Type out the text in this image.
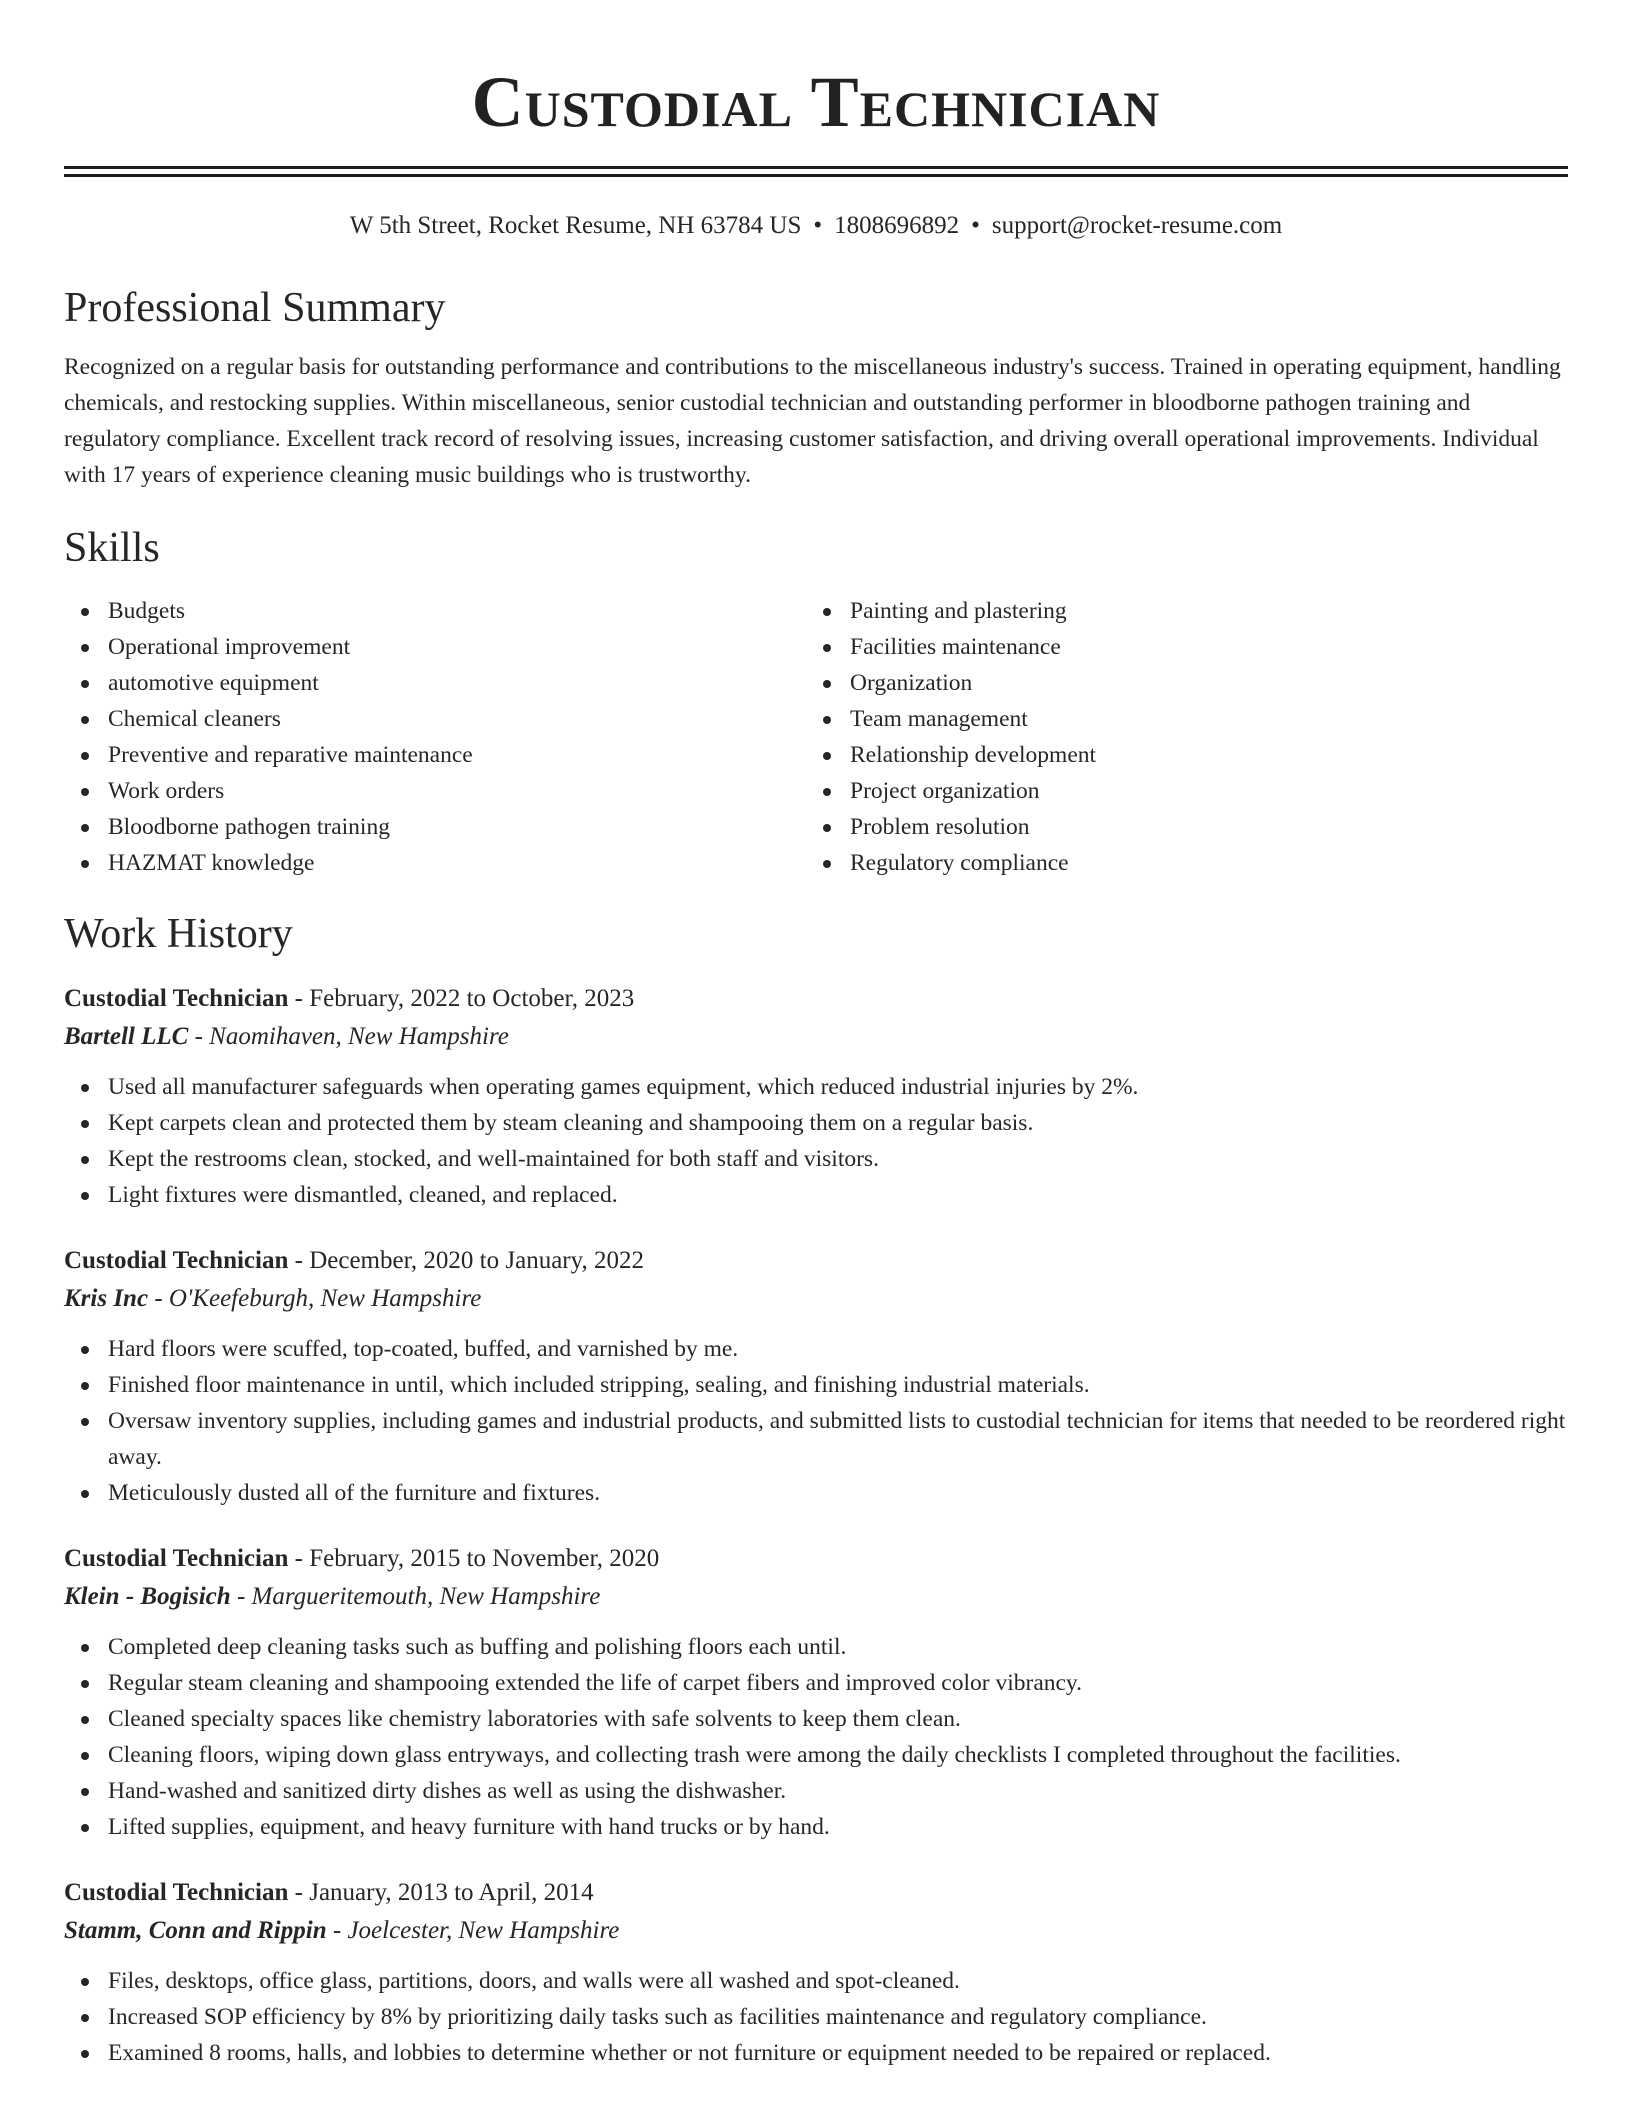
Custodial Technician
W 5th Street, Rocket Resume, NH 63784 US • 1808696892 • support@rocket-resume.com
Professional Summary

Recognized on a regular basis for outstanding performance and contributions to the miscellaneous industry's success. Trained in operating equipment, handling chemicals, and restocking supplies. Within miscellaneous, senior custodial technician and outstanding performer in bloodborne pathogen training and regulatory compliance. Excellent track record of resolving issues, increasing customer satisfaction, and driving overall operational improvements. Individual with 17 years of experience cleaning music buildings who is trustworthy.

Skills
Budgets
Operational improvement
automotive equipment
Chemical cleaners
Preventive and reparative maintenance
Work orders
Bloodborne pathogen training
HAZMAT knowledge
Painting and plastering
Facilities maintenance
Organization
Team management
Relationship development
Project organization
Problem resolution
Regulatory compliance
Work History
Custodial Technician - February, 2022 to October, 2023
Bartell LLC - Naomihaven, New Hampshire
Used all manufacturer safeguards when operating games equipment, which reduced industrial injuries by 2%.
Kept carpets clean and protected them by steam cleaning and shampooing them on a regular basis.
Kept the restrooms clean, stocked, and well-maintained for both staff and visitors.
Light fixtures were dismantled, cleaned, and replaced.
Custodial Technician - December, 2020 to January, 2022
Kris Inc - O'Keefeburgh, New Hampshire
Hard floors were scuffed, top-coated, buffed, and varnished by me.
Finished floor maintenance in until, which included stripping, sealing, and finishing industrial materials.
Oversaw inventory supplies, including games and industrial products, and submitted lists to custodial technician for items that needed to be reordered right away.
Meticulously dusted all of the furniture and fixtures.
Custodial Technician - February, 2015 to November, 2020
Klein - Bogisich - Margueritemouth, New Hampshire
Completed deep cleaning tasks such as buffing and polishing floors each until.
Regular steam cleaning and shampooing extended the life of carpet fibers and improved color vibrancy.
Cleaned specialty spaces like chemistry laboratories with safe solvents to keep them clean.
Cleaning floors, wiping down glass entryways, and collecting trash were among the daily checklists I completed throughout the facilities.
Hand-washed and sanitized dirty dishes as well as using the dishwasher.
Lifted supplies, equipment, and heavy furniture with hand trucks or by hand.
Custodial Technician - January, 2013 to April, 2014
Stamm, Conn and Rippin - Joelcester, New Hampshire
Files, desktops, office glass, partitions, doors, and walls were all washed and spot-cleaned.
Increased SOP efficiency by 8% by prioritizing daily tasks such as facilities maintenance and regulatory compliance.
Examined 8 rooms, halls, and lobbies to determine whether or not furniture or equipment needed to be repaired or replaced.
